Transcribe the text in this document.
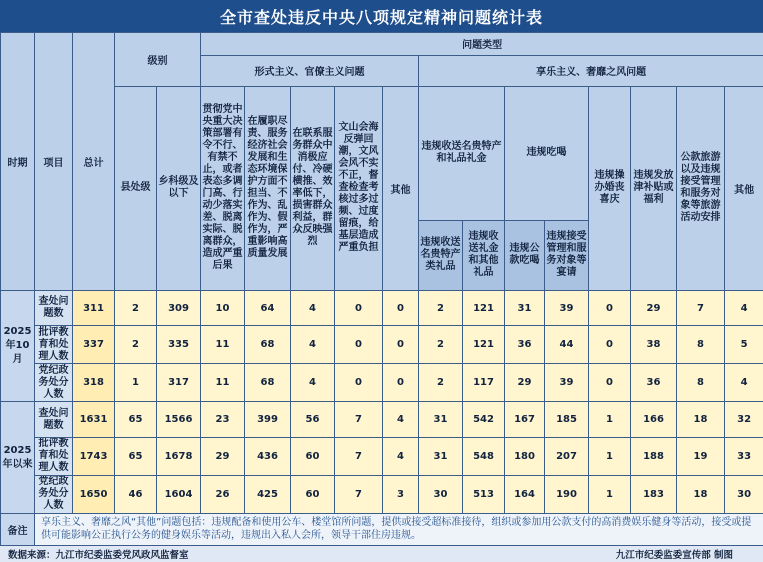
全市查处违反中央八项规定精神问题统计表
时期	项目	总计	级别		问题类型												
					形式主义、官僚主义问题					享乐主义、奢靡之风问题							
			县处级	乡科级及以下	贯彻党中央重大决策部署有令不行、有禁不止，或者表态多调门高、行动少落实差、脱离实际、脱离群众，造成严重后果	在履职尽责、服务经济社会发展和生态环境保护方面不担当、不作为、乱作为、假作为，严重影响高质量发展	在联系服务群众中消极应付、冷硬横推、效率低下，损害群众利益，群众反映强烈	文山会海反弹回潮，文风会风不实不正，督查检查考核过多过频、过度留痕，给基层造成严重负担	其他	违规收送名贵特产和礼品礼金		违规吃喝		违规操办婚丧喜庆	违规发放津补贴或福利	公款旅游以及违规接受管理和服务对象等旅游活动安排	其他
										违规收送名贵特产类礼品	违规收送礼金和其他礼品	违规公款吃喝	违规接受管理和服务对象等宴请				
2025年10月	查处问题数	311	2	309	10	64	4	0	0	2	121	31	39	0	29	7	4
	批评教育和处理人数	337	2	335	11	68	4	0	0	2	121	36	44	0	38	8	5
	党纪政务处分人数	318	1	317	11	68	4	0	0	2	117	29	39	0	36	8	4
2025年以来	查处问题数	1631	65	1566	23	399	56	7	4	31	542	167	185	1	166	18	32
	批评教育和处理人数	1743	65	1678	29	436	60	7	4	31	548	180	207	1	188	19	33
	党纪政务处分人数	1650	46	1604	26	425	60	7	3	30	513	164	190	1	183	18	30
备注	享乐主义、奢靡之风“其他”问题包括：违规配备和使用公车、楼堂馆所问题，提供或接受超标准接待，组织或参加用公款支付的高消费娱乐健身等活动，接受或提供可能影响公正执行公务的健身娱乐等活动，违规出入私人会所，领导干部住房违规。																
数据来源：九江市纪委监委党风政风监督室	九江市纪委监委宣传部 制图
